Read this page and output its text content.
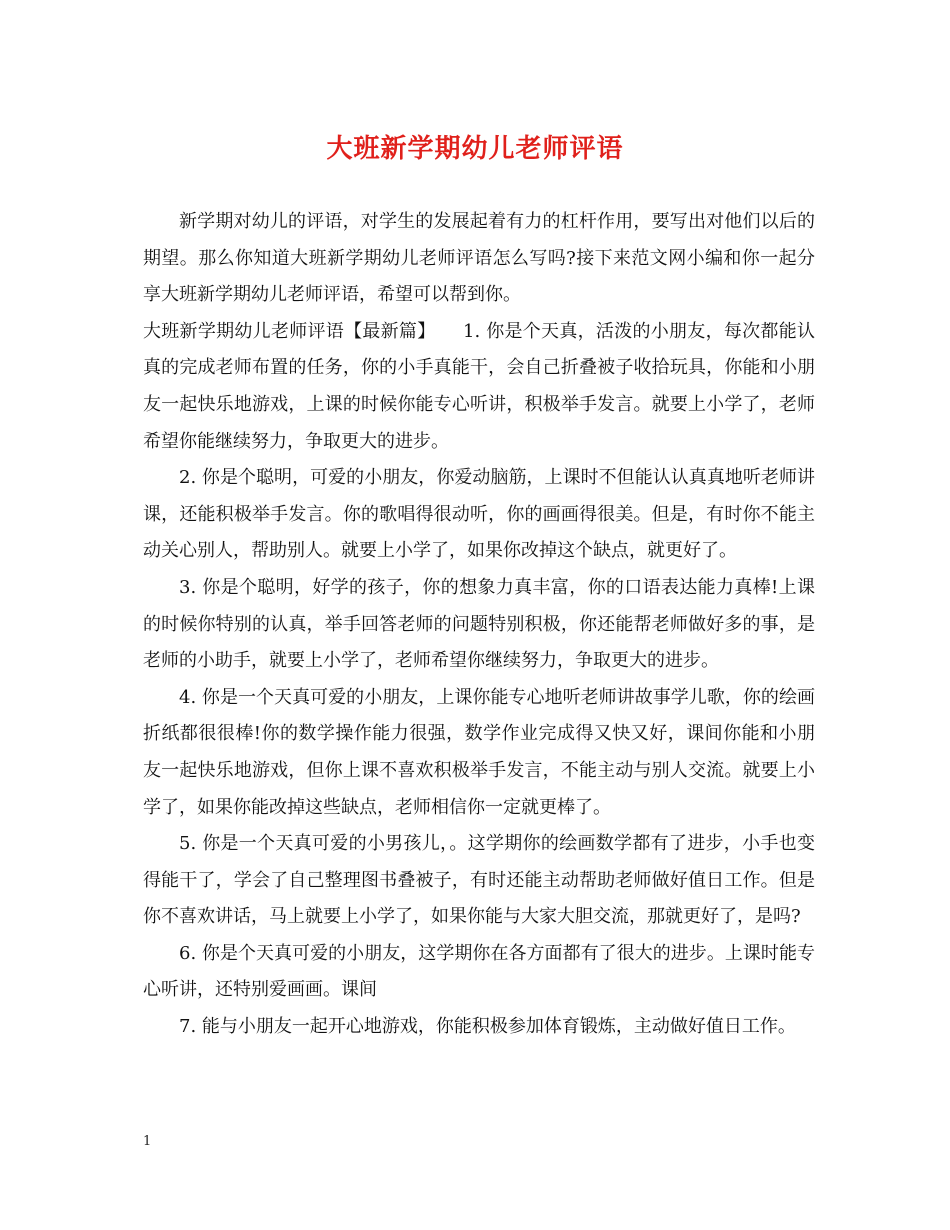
大班新学期幼儿老师评语

新学期对幼儿的评语，对学生的发展起着有力的杠杆作用，要写出对他们以后的期望。那么你知道大班新学期幼儿老师评语怎么写吗?接下来范文网小编和你一起分享大班新学期幼儿老师评语，希望可以帮到你。

大班新学期幼儿老师评语【最新篇】　　1. 你是个天真，活泼的小朋友，每次都能认真的完成老师布置的任务，你的小手真能干，会自己折叠被子收拾玩具，你能和小朋友一起快乐地游戏，上课的时候你能专心听讲，积极举手发言。就要上小学了，老师希望你能继续努力，争取更大的进步。

2. 你是个聪明，可爱的小朋友，你爱动脑筋，上课时不但能认认真真地听老师讲课，还能积极举手发言。你的歌唱得很动听，你的画画得很美。但是，有时你不能主动关心别人，帮助别人。就要上小学了，如果你改掉这个缺点，就更好了。

3. 你是个聪明，好学的孩子，你的想象力真丰富，你的口语表达能力真棒!上课的时候你特别的认真，举手回答老师的问题特别积极，你还能帮老师做好多的事，是老师的小助手，就要上小学了，老师希望你继续努力，争取更大的进步。

4. 你是一个天真可爱的小朋友，上课你能专心地听老师讲故事学儿歌，你的绘画折纸都很很棒!你的数学操作能力很强，数学作业完成得又快又好，课间你能和小朋友一起快乐地游戏，但你上课不喜欢积极举手发言，不能主动与别人交流。就要上小学了，如果你能改掉这些缺点，老师相信你一定就更棒了。

5. 你是一个天真可爱的小男孩儿，。这学期你的绘画数学都有了进步，小手也变得能干了，学会了自己整理图书叠被子，有时还能主动帮助老师做好值日工作。但是你不喜欢讲话，马上就要上小学了，如果你能与大家大胆交流，那就更好了，是吗?

6. 你是个天真可爱的小朋友，这学期你在各方面都有了很大的进步。上课时能专心听讲，还特别爱画画。课间

7. 能与小朋友一起开心地游戏，你能积极参加体育锻炼，主动做好值日工作。

1
